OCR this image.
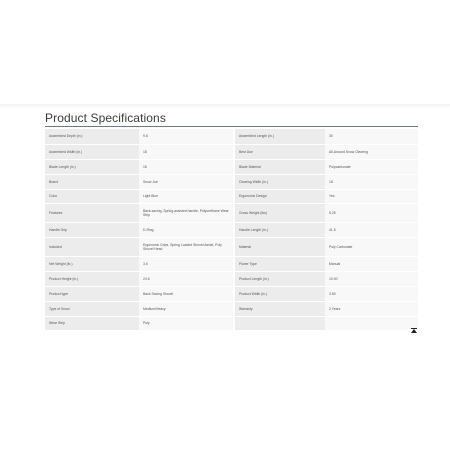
Product Specifications
Assembled Depth (in.)	9.8		Assembled Length (in.)	30
Assembled Width (in.)	18		Best Use	All-Around Snow Clearing
Blade Length (in.)	18		Blade Material	Polycarbonate
Brand	Snow Joe		Clearing Width (in.)	18
Color	Light Blue		Ergonomic Design	Yes
Features	Back-saving, Spring-assisted handle, Polyurethane Wear Strip		Gross Weight (lbs)	5.25
Handle Grip	D-Ring		Handle Length (in.)	41.5
Included	Ergonomic Grips, Spring Loaded Shovel Assist, Poly Shovel Head		Material	Poly Carbonate
Net Weight (lb.)	3.6		Power Type	Manual
Product Height (in.)	24.6		Product Length (in.)	10.00
Product type	Back Saving Shovel		Product Width (in.)	3.50
Type of Snow	Medium/Heavy		Warranty	2 Years
Wear Strip	Poly			
